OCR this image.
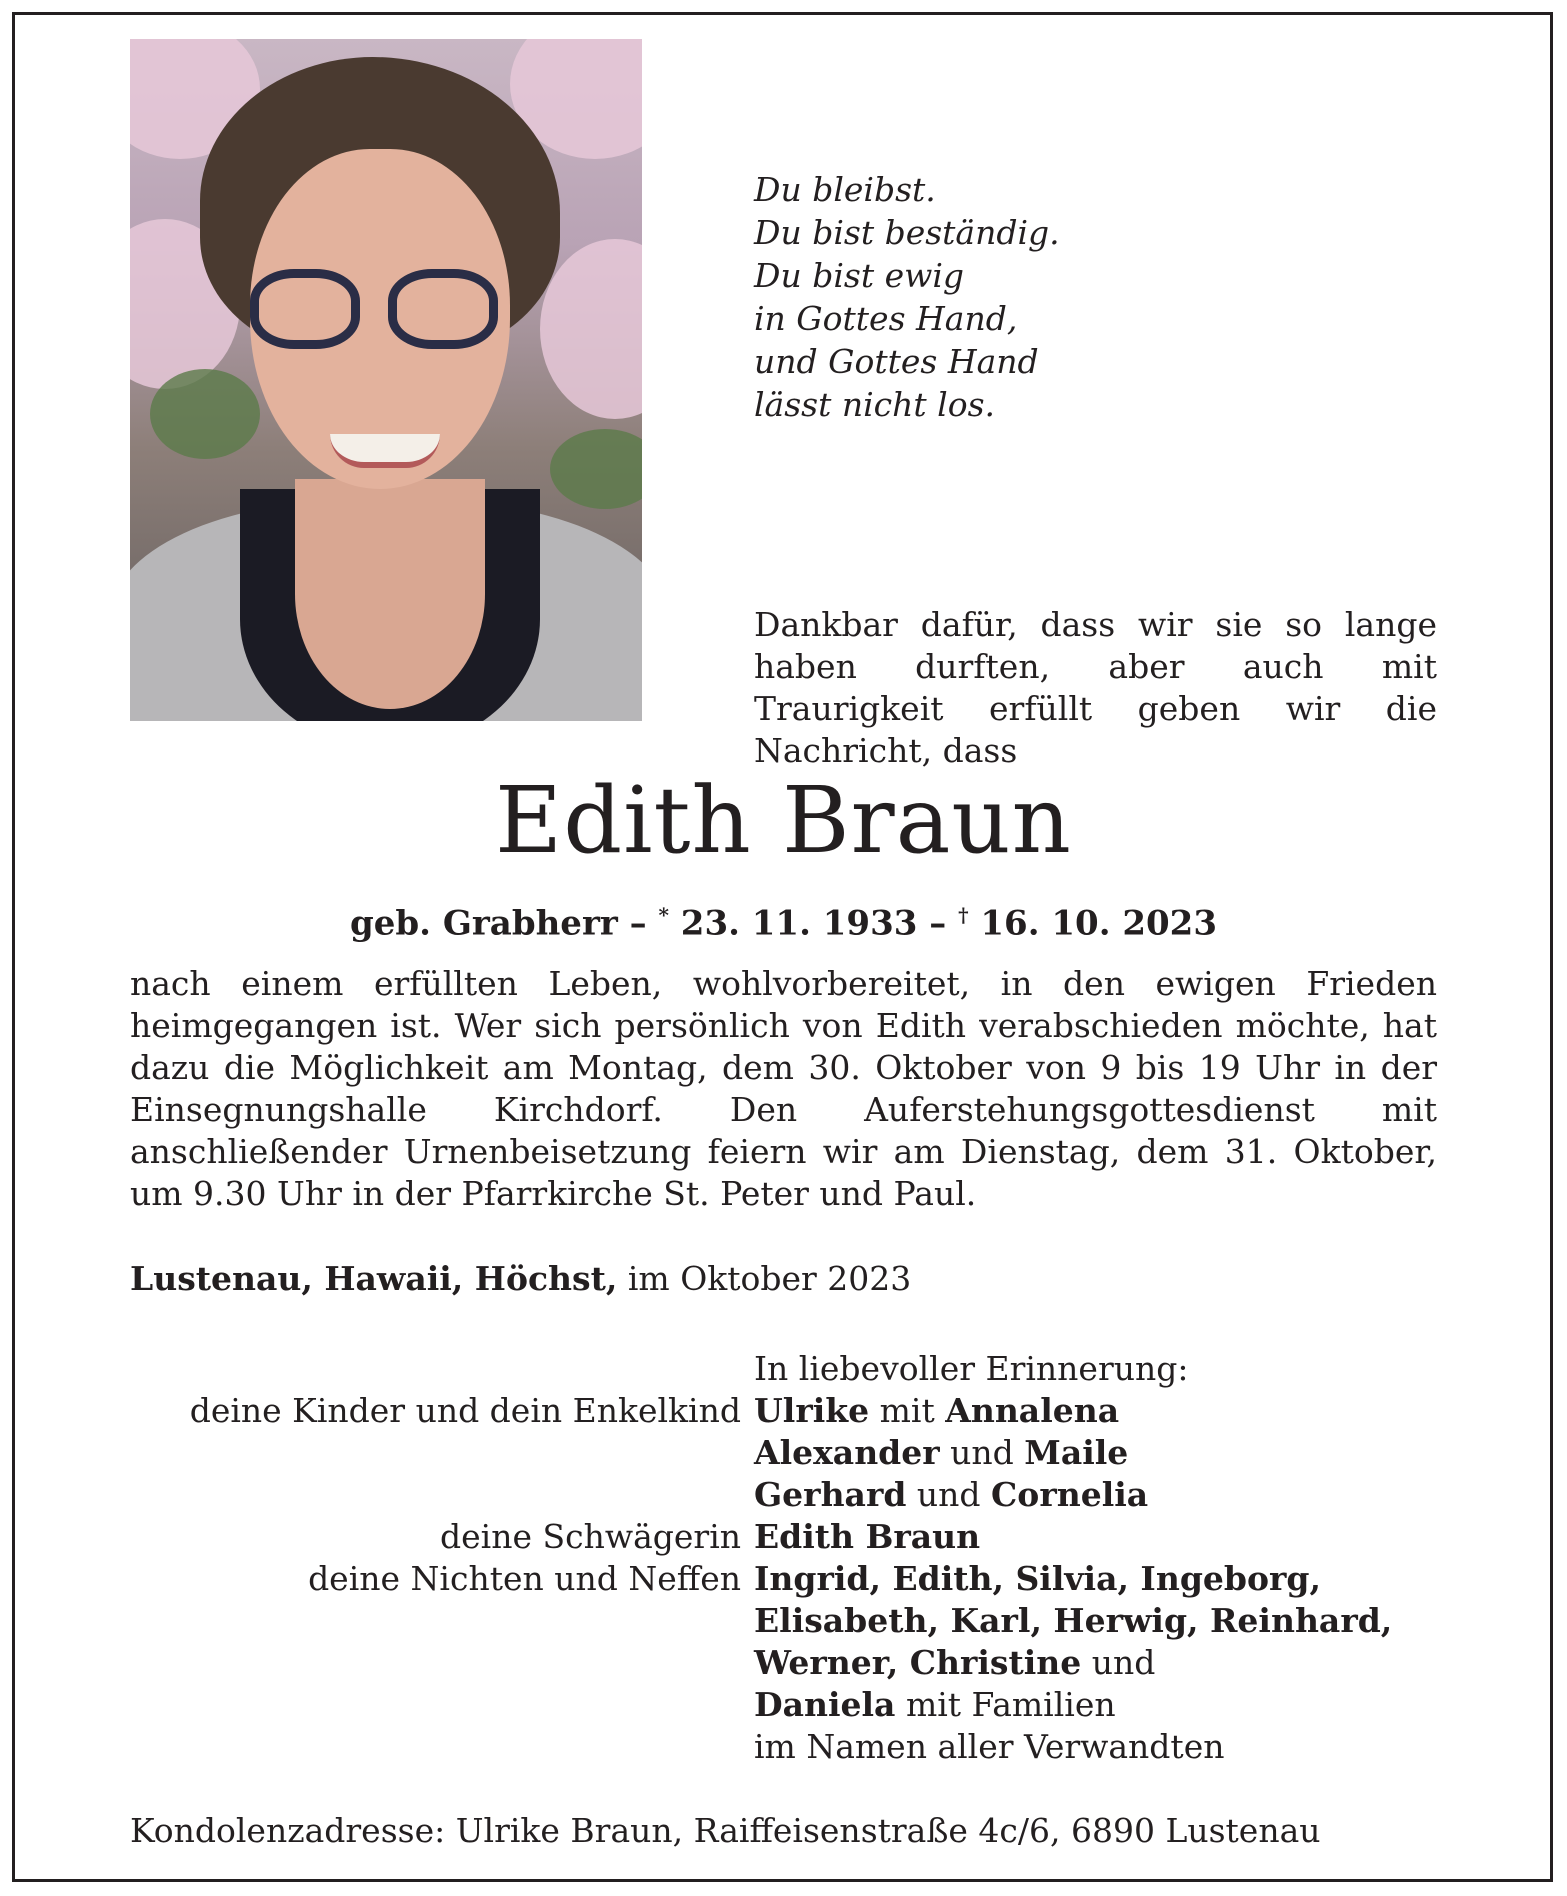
Du bleibst.
Du bist beständig.
Du bist ewig
in Gottes Hand,
und Gottes Hand
lässt nicht los.
Dankbar dafür, dass wir sie so lange haben durften, aber auch mit Traurigkeit erfüllt geben wir die Nachricht, dass
Edith Braun
geb. Grabherr – * 23. 11. 1933 – † 16. 10. 2023
nach einem erfüllten Leben, wohlvorbereitet, in den ewigen Frieden heimgegangen ist. Wer sich persönlich von Edith verabschieden möchte, hat dazu die Möglichkeit am Montag, dem 30. Oktober von 9 bis 19 Uhr in der Einsegnungshalle Kirchdorf. Den Auferstehungsgottesdienst mit anschließender Urnenbeisetzung feiern wir am Dienstag, dem 31. Oktober, um 9.30 Uhr in der Pfarrkirche St. Peter und Paul.
Lustenau, Hawaii, Höchst, im Oktober 2023
In liebevoller Erinnerung:
deine Kinder und dein Enkelkind Ulrike mit Annalena
Alexander und Maile
Gerhard und Cornelia
deine Schwägerin Edith Braun
deine Nichten und Neffen Ingrid, Edith, Silvia, Ingeborg,
Elisabeth, Karl, Herwig, Reinhard,
Werner, Christine und
Daniela mit Familien
im Namen aller Verwandten
Kondolenzadresse: Ulrike Braun, Raiffeisenstraße 4c/6, 6890 Lustenau
